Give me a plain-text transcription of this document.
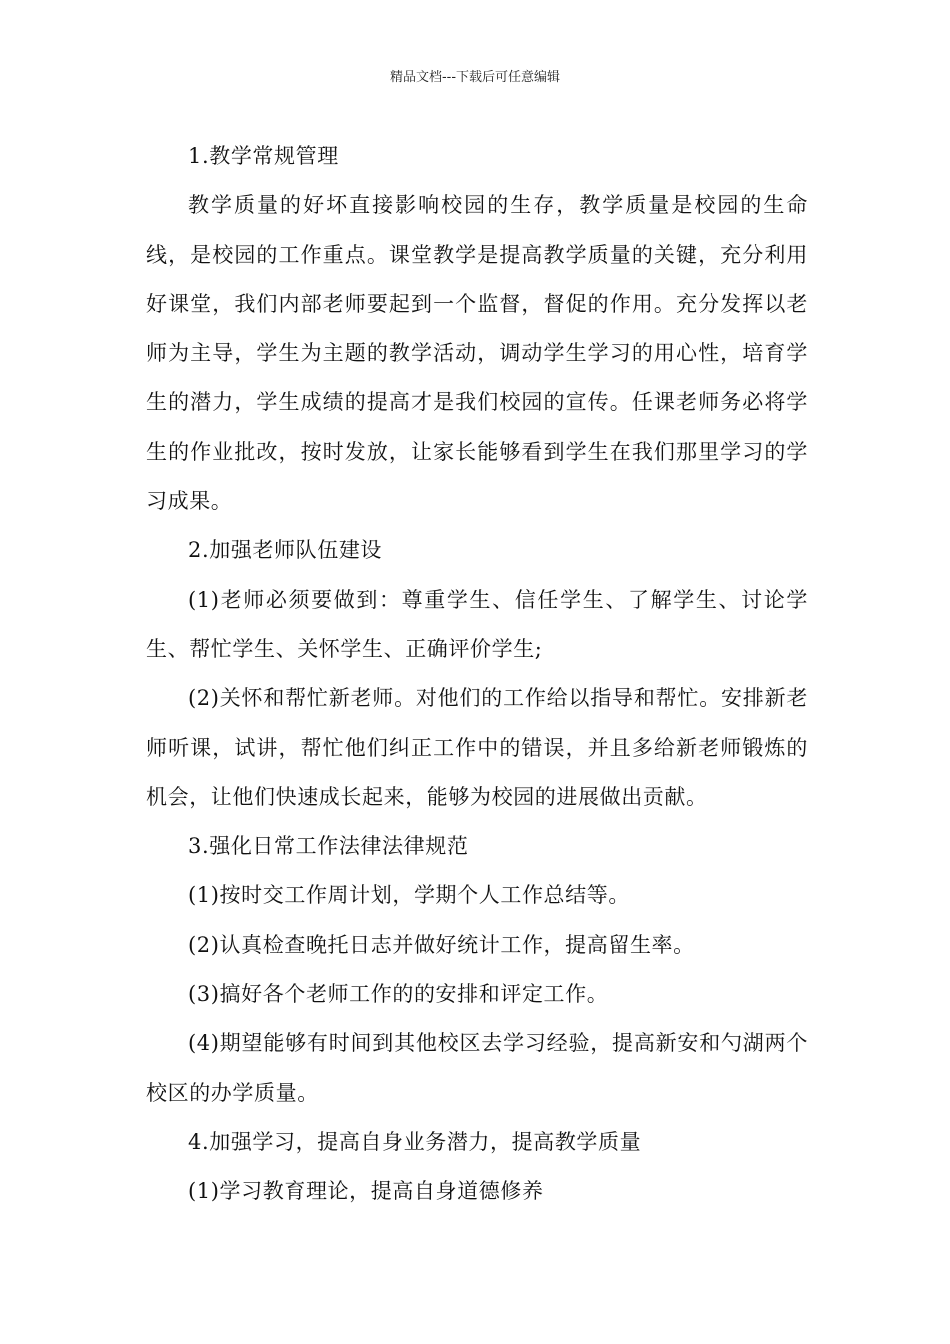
精品文档---下载后可任意编辑

1.教学常规管理

教学质量的好坏直接影响校园的生存，教学质量是校园的生命线，是校园的工作重点。课堂教学是提高教学质量的关键，充分利用好课堂，我们内部老师要起到一个监督，督促的作用。充分发挥以老师为主导，学生为主题的教学活动，调动学生学习的用心性，培育学生的潜力，学生成绩的提高才是我们校园的宣传。任课老师务必将学生的作业批改，按时发放，让家长能够看到学生在我们那里学习的学习成果。

2.加强老师队伍建设

(1)老师必须要做到：尊重学生、信任学生、了解学生、讨论学生、帮忙学生、关怀学生、正确评价学生;

(2)关怀和帮忙新老师。对他们的工作给以指导和帮忙。安排新老师听课，试讲，帮忙他们纠正工作中的错误，并且多给新老师锻炼的机会，让他们快速成长起来，能够为校园的进展做出贡献。

3.强化日常工作法律法律规范

(1)按时交工作周计划，学期个人工作总结等。

(2)认真检查晚托日志并做好统计工作，提高留生率。

(3)搞好各个老师工作的的安排和评定工作。

(4)期望能够有时间到其他校区去学习经验，提高新安和勺湖两个校区的办学质量。

4.加强学习，提高自身业务潜力，提高教学质量

(1)学习教育理论，提高自身道德修养
